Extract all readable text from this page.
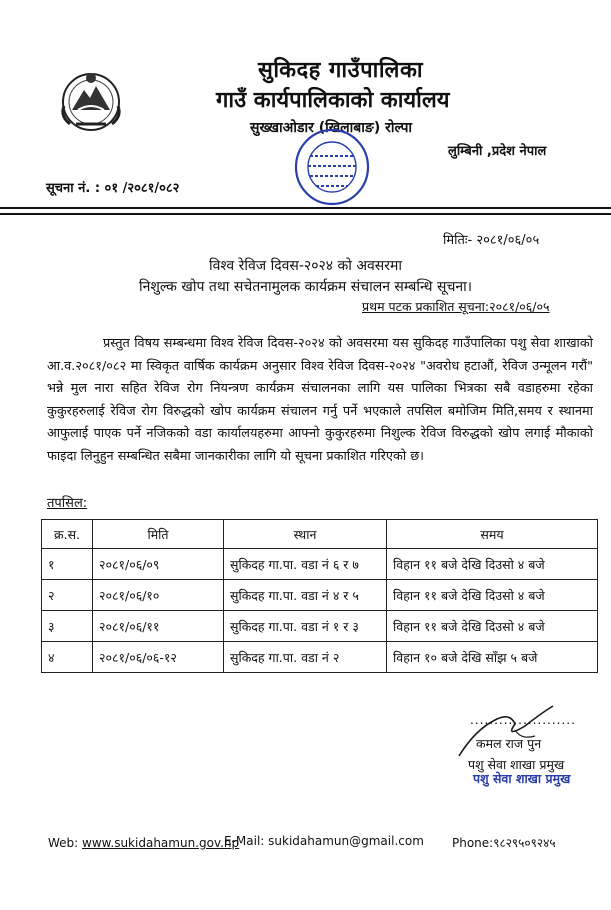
सुकिदह गाउँपालिका
गाउँ कार्यपालिकाको कार्यालय
सुख्खाओडार (खिलाबाङ) रोल्पा
लुम्बिनी ,प्रदेश नेपाल
सूचना नं. : ०१ /२०८१/०८२
मितिः- २०८१/०६/०५
विश्व रेविज दिवस-२०२४ को अवसरमा
निशुल्क खोप तथा सचेतनामुलक कार्यक्रम संचालन सम्बन्धि सूचना।
प्रथम पटक प्रकाशित सूचना:२०८१/०६/०५
प्रस्तुत विषय सम्बन्धमा विश्व रेविज दिवस-२०२४ को अवसरमा यस सुकिदह गाउँपालिका पशु सेवा शाखाको आ.व.२०८१/०८२ मा स्विकृत वार्षिक कार्यक्रम अनुसार विश्व रेविज दिवस-२०२४ "अवरोध हटाऔं, रेविज उन्मूलन गरौं" भन्ने मुल नारा सहित रेविज रोग नियन्त्रण कार्यक्रम संचालनका लागि यस पालिका भित्रका सबै वडाहरुमा रहेका कुकुरहरुलाई रेविज रोग विरुद्धको खोप कार्यक्रम संचालन गर्नु पर्ने भएकाले तपसिल बमोजिम मिति,समय र स्थानमा आफुलाई पाएक पर्ने नजिकको वडा कार्यालयहरुमा आफ्नो कुकुरहरुमा निशुल्क रेविज विरुद्धको खोप लगाई मौकाको फाइदा लिनुहुन सम्बन्धित सबैमा जानकारीका लागि यो सूचना प्रकाशित गरिएको छ।
तपसिल:
क्र.स.	मिति	स्थान	समय
१	२०८१/०६/०९	सुकिदह गा.पा. वडा नं ६ र ७	विहान ११ बजे देखि दिउसो ४ बजे
२	२०८१/०६/१०	सुकिदह गा.पा. वडा नं ४ र ५	विहान ११ बजे देखि दिउसो ४ बजे
३	२०८१/०६/११	सुकिदह गा.पा. वडा नं १ र ३	विहान ११ बजे देखि दिउसो ४ बजे
४	२०८१/०६/०६-१२	सुकिदह गा.पा. वडा नं २	विहान १० बजे देखि साँझ ५ बजे
......................
कमल राज पुन
पशु सेवा शाखा प्रमुख
पशु सेवा शाखा प्रमुख
Web: www.sukidahamun.gov.np
E-Mail: sukidahamun@gmail.com Phone:९८२९५०९२४५
